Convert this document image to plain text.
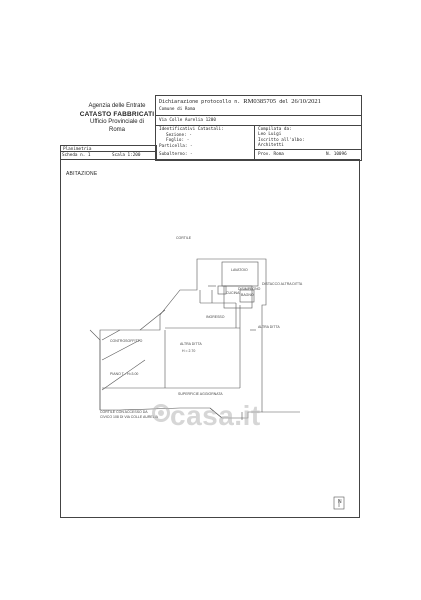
Agenzia delle Entrate
CATASTO FABBRICATI
Ufficio Provinciale di
Roma
Dichiarazione protocollo n. RM0385705 del 26/10/2021
Comune di Roma
Via Colle Aurelia 1200
Identificativi Catastali:
Sezione: -
Foglio: -
Particella: -
Subalterno: -
Compilata da:
Leo Luigi
Iscritto all'albo:
Architetti
Prov. Roma	N. 10096
Planimetria
Scheda n. 1	Scala 1:200
ABITAZIONE
CORTILE
LAVATOIO
CUCINA
DISIMPEGNO
BAGNO
INGRESSO
CONTROSOFFITTO
ALTRA DITTA
H = 2.70
DISTACCO ALTRA DITTA
ALTRA DITTA
PIANO T - H=3.00
SUPERFICIE AGGIORNATA
CORTILE CON ACCESSO DA
CIVICO 108 DI VIA COLLE AURELIA
N
casa.it
